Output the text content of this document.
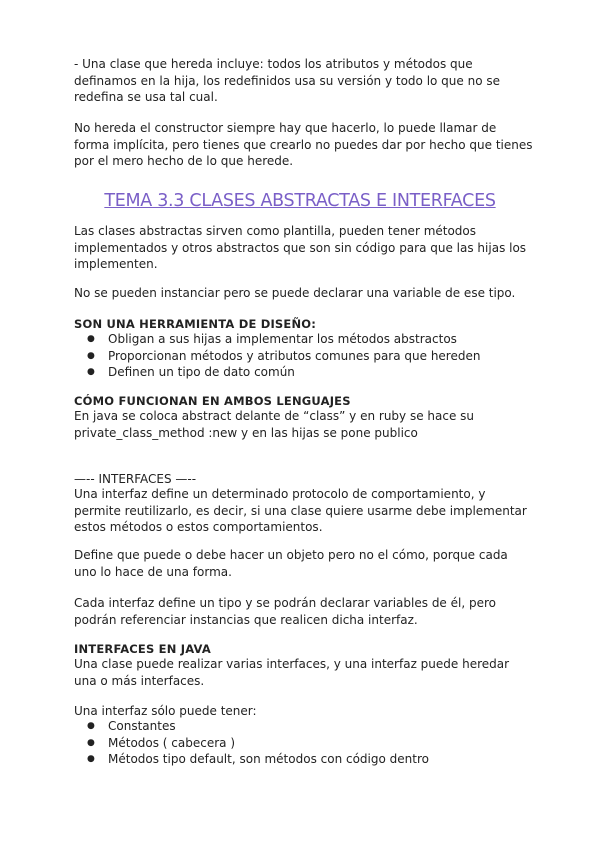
- Una clase que hereda incluye: todos los atributos y métodos que definamos en la hija, los redefinidos usa su versión y todo lo que no se redefina se usa tal cual.

No hereda el constructor siempre hay que hacerlo, lo puede llamar de forma implícita, pero tienes que crearlo no puedes dar por hecho que tienes por el mero hecho de lo que herede.

TEMA 3.3 CLASES ABSTRACTAS E INTERFACES

Las clases abstractas sirven como plantilla, pueden tener métodos implementados y otros abstractos que son sin código para que las hijas los implementen.

No se pueden instanciar pero se puede declarar una variable de ese tipo.

SON UNA HERRAMIENTA DE DISEÑO:
● Obligan a sus hijas a implementar los métodos abstractos
● Proporcionan métodos y atributos comunes para que hereden
● Definen un tipo de dato común
CÓMO FUNCIONAN EN AMBOS LENGUAJES

En java se coloca abstract delante de “class” y en ruby se hace su private_class_method :new y en las hijas se pone publico

—-- INTERFACES —--

Una interfaz define un determinado protocolo de comportamiento, y permite reutilizarlo, es decir, si una clase quiere usarme debe implementar estos métodos o estos comportamientos.

Define que puede o debe hacer un objeto pero no el cómo, porque cada uno lo hace de una forma.

Cada interfaz define un tipo y se podrán declarar variables de él, pero podrán referenciar instancias que realicen dicha interfaz.

INTERFACES EN JAVA

Una clase puede realizar varias interfaces, y una interfaz puede heredar una o más interfaces.

Una interfaz sólo puede tener:

● Constantes
● Métodos ( cabecera )
● Métodos tipo default, son métodos con código dentro
